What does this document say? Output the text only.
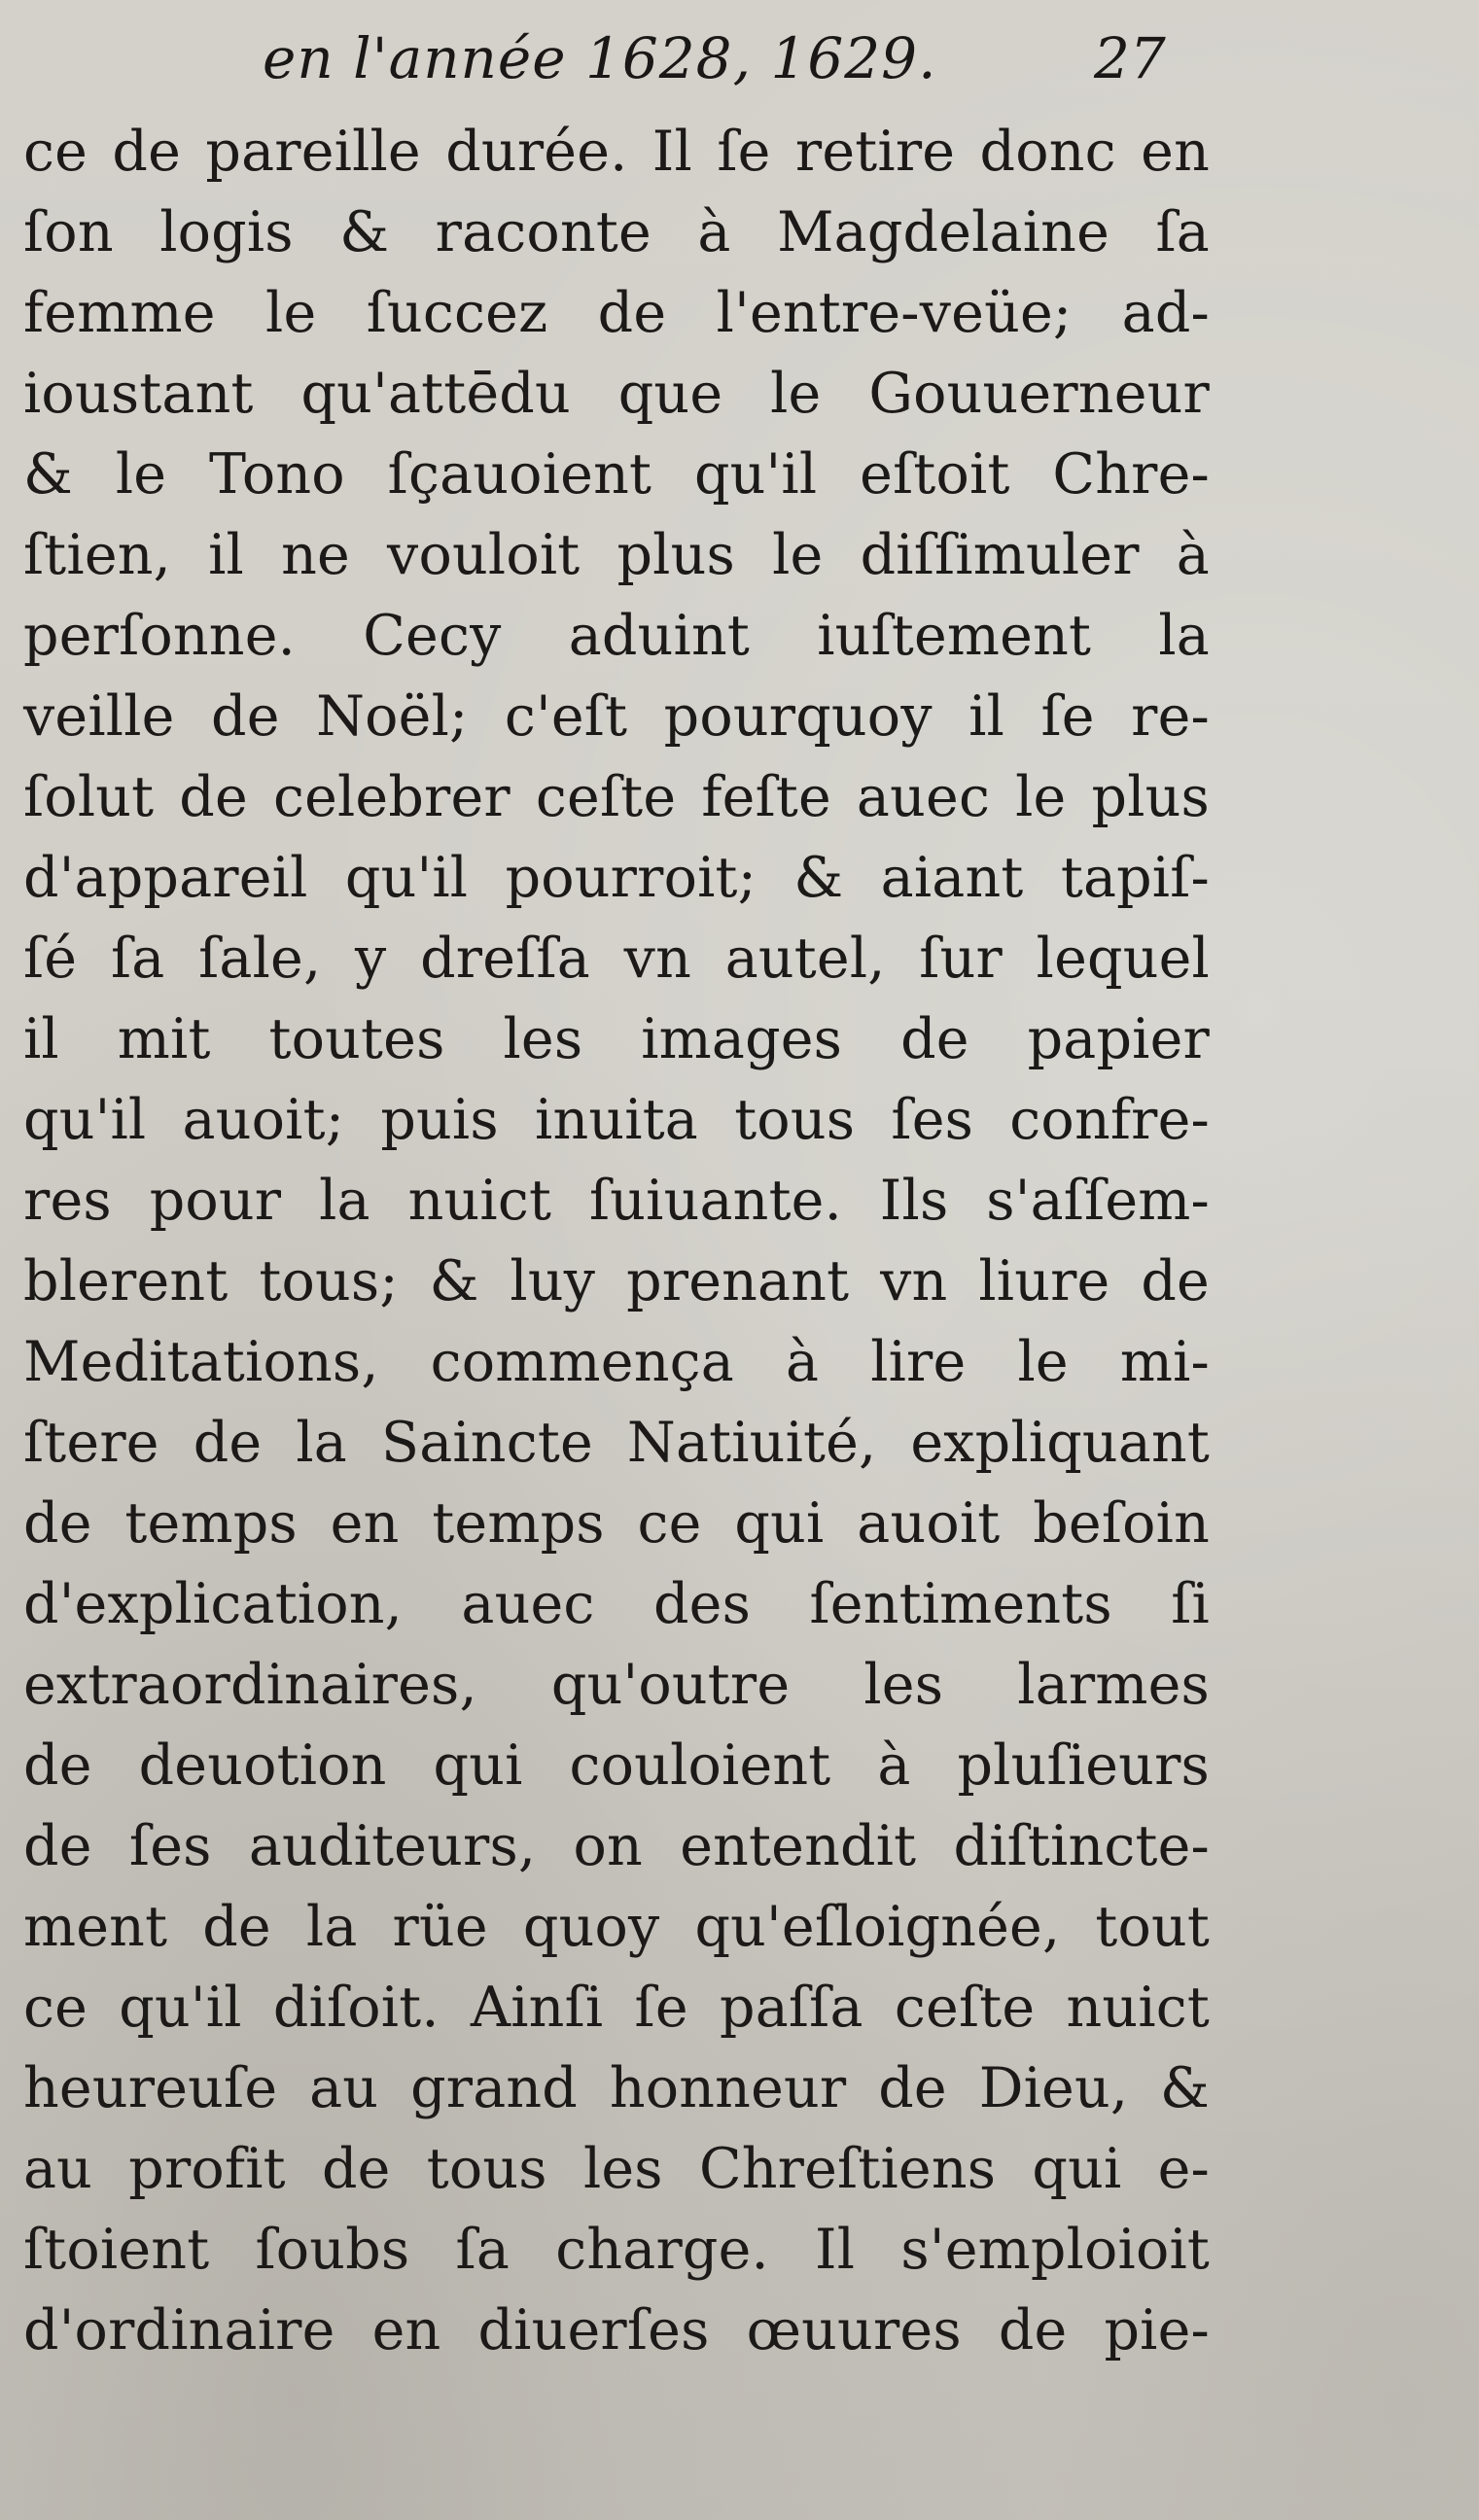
en l'année 1628, 1629.	27
ce de pareille durée. Il ſe retire donc en
ſon logis & raconte à Magdelaine ſa
femme le ſuccez de l'entre-veüe; ad-
ioustant qu'attēdu que le Gouuerneur
& le Tono ſçauoient qu'il eſtoit Chre-
ſtien, il ne vouloit plus le diſſimuler à
perſonne. Cecy aduint iuſtement la
veille de Noël; c'eſt pourquoy il ſe re-
ſolut de celebrer ceſte feſte auec le plus
d'appareil qu'il pourroit; & aiant tapiſ-
ſé ſa ſale, y dreſſa vn autel, ſur lequel
il mit toutes les images de papier
qu'il auoit; puis inuita tous ſes confre-
res pour la nuict ſuiuante. Ils s'aſſem-
blerent tous; & luy prenant vn liure de
Meditations, commença à lire le mi-
ſtere de la Saincte Natiuité, expliquant
de temps en temps ce qui auoit beſoin
d'explication, auec des ſentiments ſi
extraordinaires, qu'outre les larmes
de deuotion qui couloient à pluſieurs
de ſes auditeurs, on entendit diſtincte-
ment de la rüe quoy qu'eſloignée, tout
ce qu'il diſoit. Ainſi ſe paſſa ceſte nuict
heureuſe au grand honneur de Dieu, &
au profit de tous les Chreſtiens qui e-
ſtoient ſoubs ſa charge. Il s'emploioit
d'ordinaire en diuerſes œuures de pie-
